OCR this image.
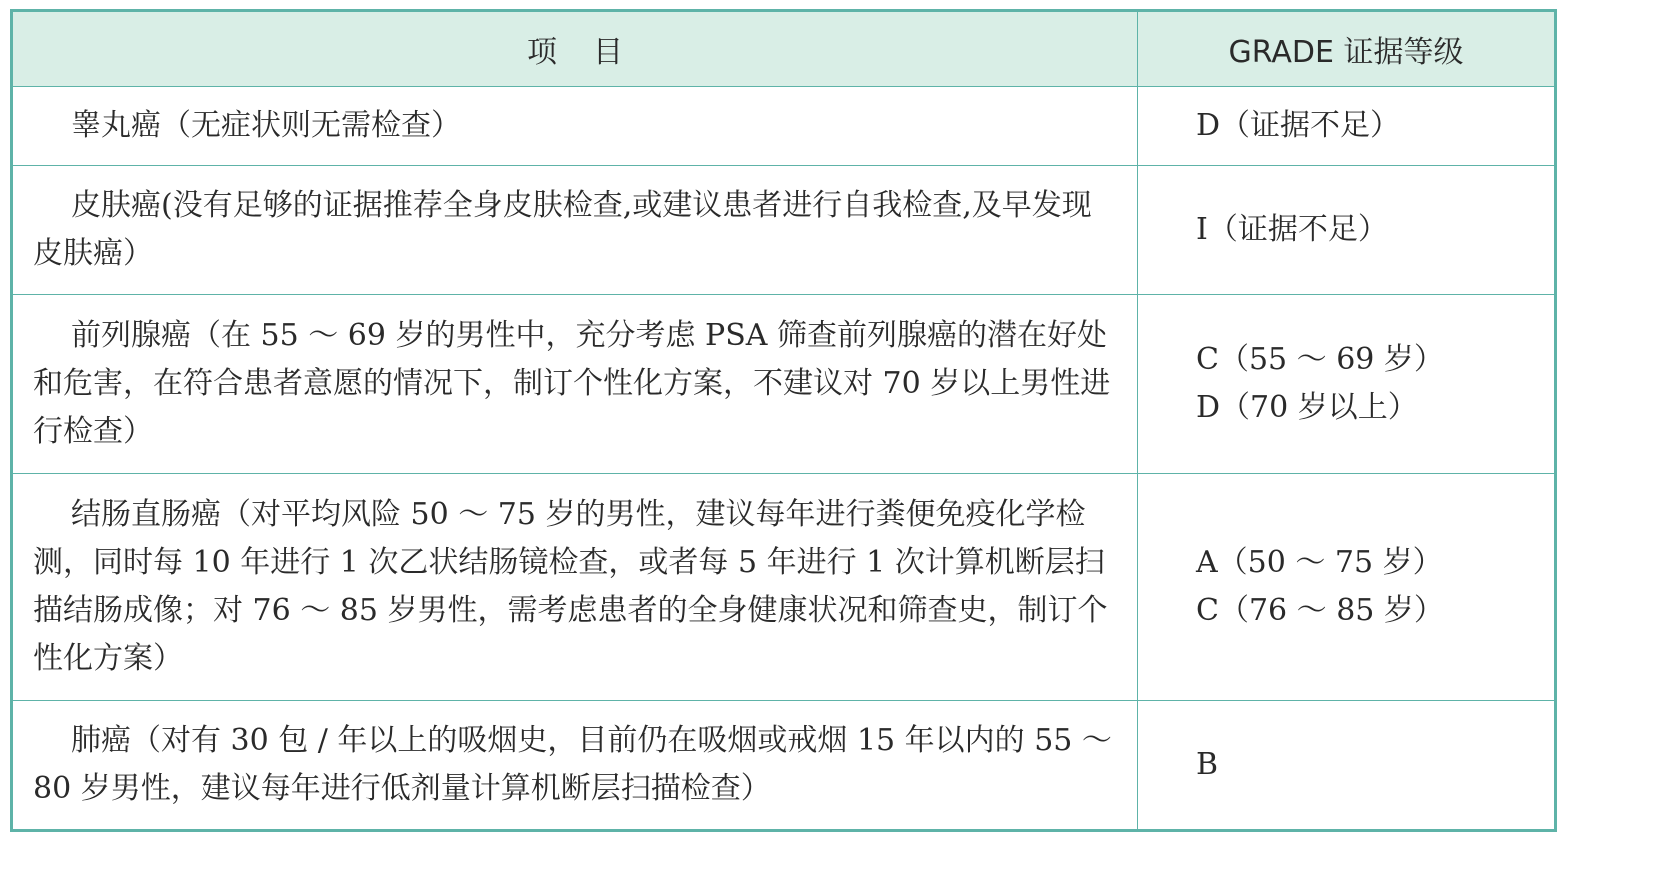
项目	GRADE 证据等级
睾丸癌（无症状则无需检查）	D（证据不足）

皮肤癌(没有足够的证据推荐全身皮肤检查,或建议患者进行自我检查,及早发现皮肤癌）	I（证据不足）

前列腺癌（在 55 ～ 69 岁的男性中，充分考虑 PSA 筛查前列腺癌的潜在好处和危害，在符合患者意愿的情况下，制订个性化方案，不建议对 70 岁以上男性进行检查）	C（55 ～ 69 岁）
D（70 岁以上）

结肠直肠癌（对平均风险 50 ～ 75 岁的男性，建议每年进行粪便免疫化学检测，同时每 10 年进行 1 次乙状结肠镜检查，或者每 5 年进行 1 次计算机断层扫描结肠成像；对 76 ～ 85 岁男性，需考虑患者的全身健康状况和筛查史，制订个性化方案）	A（50 ～ 75 岁）
C（76 ～ 85 岁）

肺癌（对有 30 包 / 年以上的吸烟史，目前仍在吸烟或戒烟 15 年以内的 55 ～ 80 岁男性，建议每年进行低剂量计算机断层扫描检查）	B
